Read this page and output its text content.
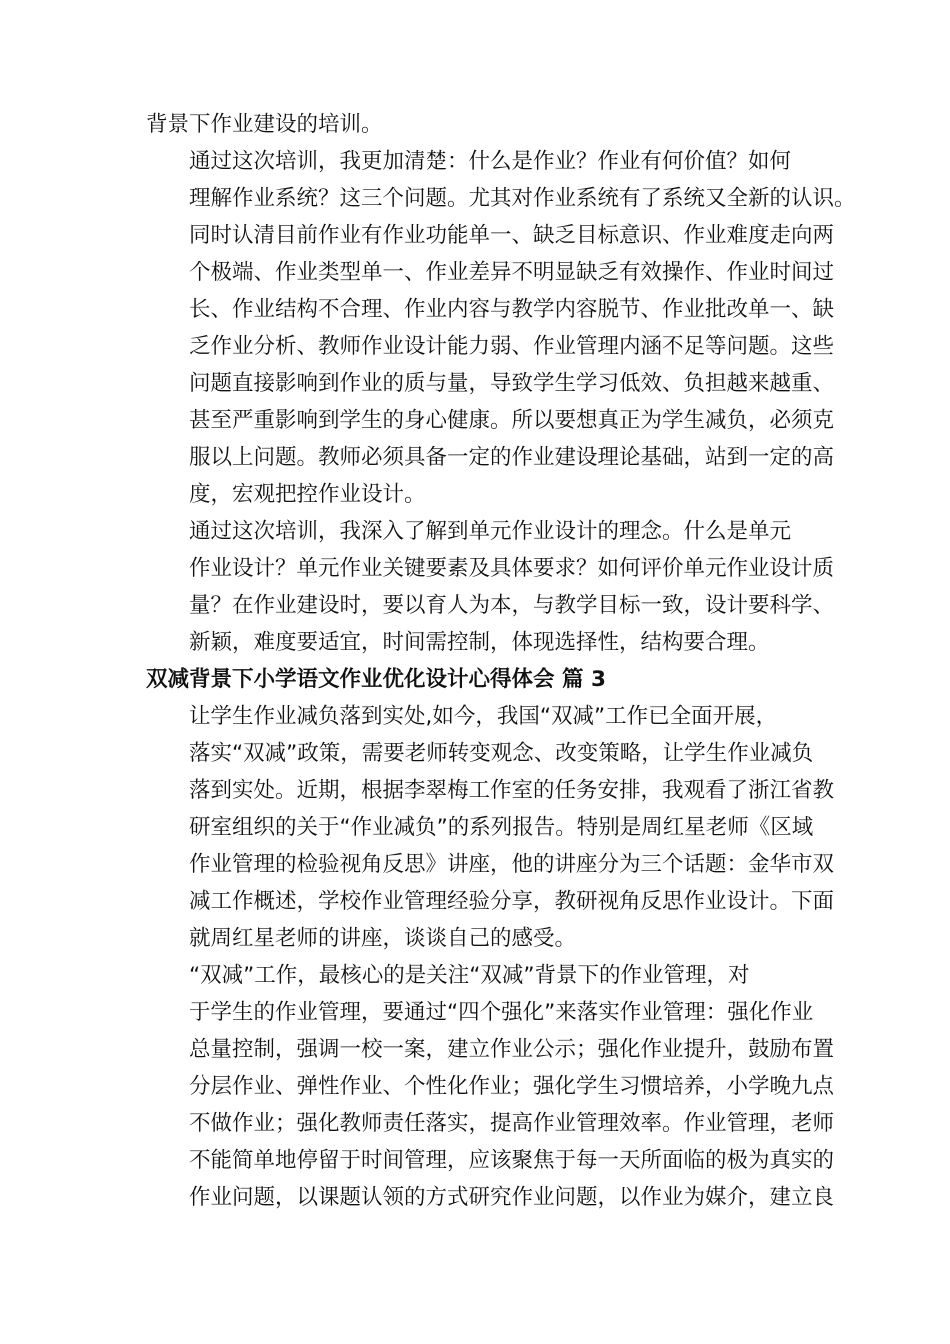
背景下作业建设的培训。

通过这次培训，我更加清楚：什么是作业？作业有何价值？如何
理解作业系统？这三个问题。尤其对作业系统有了系统又全新的认识。
同时认清目前作业有作业功能单一、缺乏目标意识、作业难度走向两
个极端、作业类型单一、作业差异不明显缺乏有效操作、作业时间过
长、作业结构不合理、作业内容与教学内容脱节、作业批改单一、缺
乏作业分析、教师作业设计能力弱、作业管理内涵不足等问题。这些
问题直接影响到作业的质与量，导致学生学习低效、负担越来越重、
甚至严重影响到学生的身心健康。所以要想真正为学生减负，必须克
服以上问题。教师必须具备一定的作业建设理论基础，站到一定的高
度，宏观把控作业设计。

通过这次培训，我深入了解到单元作业设计的理念。什么是单元
作业设计？单元作业关键要素及具体要求？如何评价单元作业设计质
量？在作业建设时，要以育人为本，与教学目标一致，设计要科学、
新颖，难度要适宜，时间需控制，体现选择性，结构要合理。

双减背景下小学语文作业优化设计心得体会 篇 3

让学生作业减负落到实处,如今，我国“双减”工作已全面开展，
落实“双减”政策，需要老师转变观念、改变策略，让学生作业减负
落到实处。近期，根据李翠梅工作室的任务安排，我观看了浙江省教
研室组织的关于“作业减负”的系列报告。特别是周红星老师《区域
作业管理的检验视角反思》讲座，他的讲座分为三个话题：金华市双
减工作概述，学校作业管理经验分享，教研视角反思作业设计。下面
就周红星老师的讲座，谈谈自己的感受。

“双减”工作，最核心的是关注“双减”背景下的作业管理，对
于学生的作业管理，要通过“四个强化”来落实作业管理：强化作业
总量控制，强调一校一案，建立作业公示；强化作业提升，鼓励布置
分层作业、弹性作业、个性化作业；强化学生习惯培养，小学晚九点
不做作业；强化教师责任落实，提高作业管理效率。作业管理，老师
不能简单地停留于时间管理，应该聚焦于每一天所面临的极为真实的
作业问题，以课题认领的方式研究作业问题，以作业为媒介，建立良
